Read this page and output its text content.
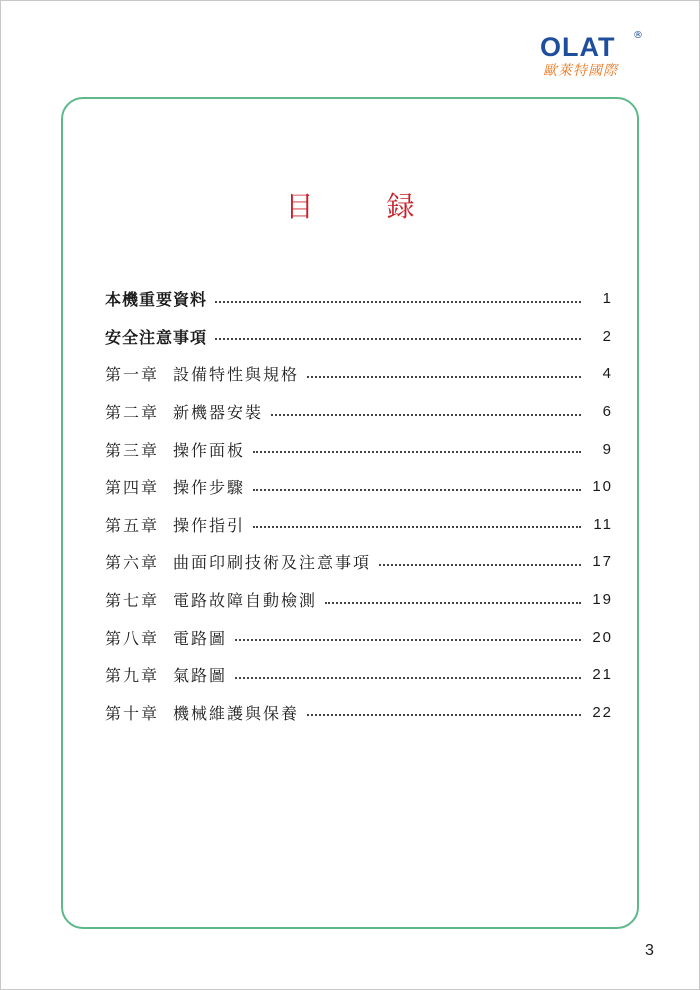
OLAT ®
歐萊特國際
目 録
本機重要資料	1
安全注意事項	2
第一章 設備特性與規格	4
第二章 新機器安裝	6
第三章 操作面板	9
第四章 操作步驟	10
第五章 操作指引	11
第六章 曲面印刷技術及注意事項	17
第七章 電路故障自動檢測	19
第八章 電路圖	20
第九章 氣路圖	21
第十章 機械維護與保養	22
3
